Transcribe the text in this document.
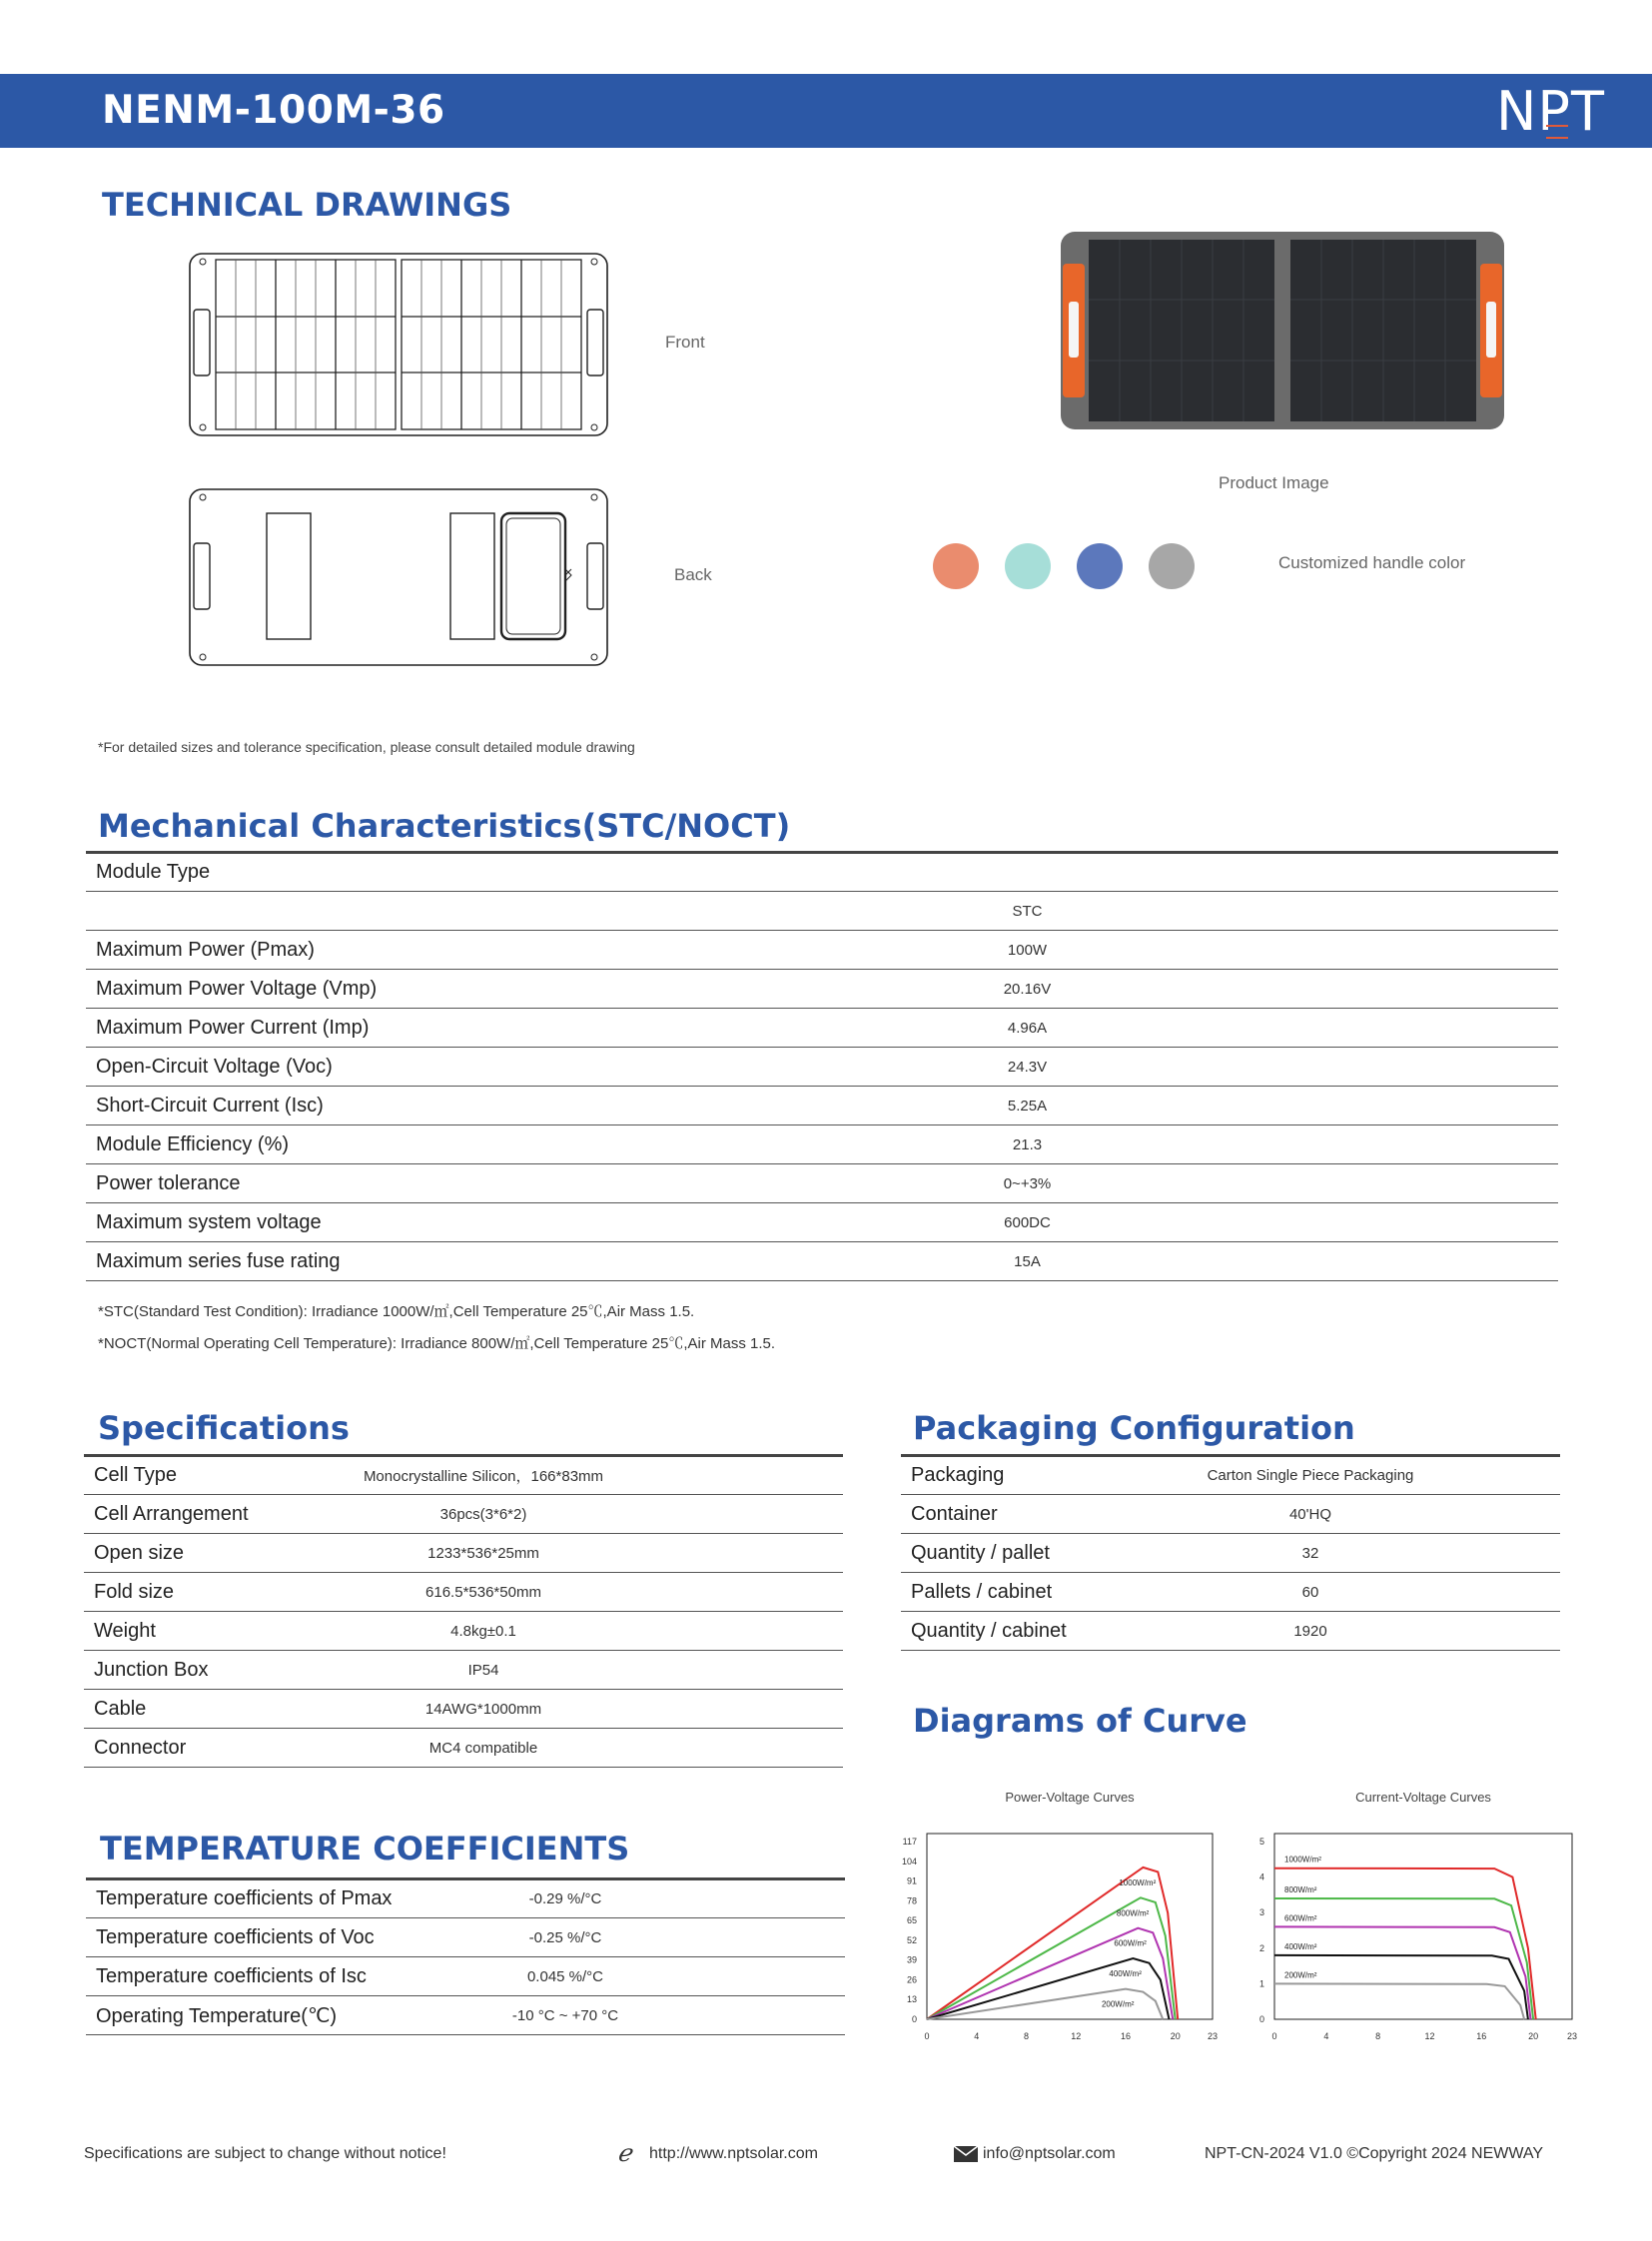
NENM-100M-36	NPT
TECHNICAL DRAWINGS
Front
Back
Product Image
Customized handle color
*For detailed sizes and tolerance specification, please consult detailed module drawing
Mechanical Characteristics(STC/NOCT)
Module Type		
	STC	
Maximum Power (Pmax)	100W	
Maximum Power Voltage (Vmp)	20.16V	
Maximum Power Current (Imp)	4.96A	
Open-Circuit Voltage (Voc)	24.3V	
Short-Circuit Current (Isc)	5.25A	
Module Efficiency (%)	21.3	
Power tolerance	0~+3%	
Maximum system voltage	600DC	
Maximum series fuse rating	15A	
*STC(Standard Test Condition): Irradiance 1000W/㎡,Cell Temperature 25℃,Air Mass 1.5.
*NOCT(Normal Operating Cell Temperature): Irradiance 800W/㎡,Cell Temperature 25℃,Air Mass 1.5.
Specifications
Cell Type	Monocrystalline Silicon，166*83mm	
Cell Arrangement	36pcs(3*6*2)	
Open size	1233*536*25mm	
Fold size	616.5*536*50mm	
Weight	4.8kg±0.1	
Junction Box	IP54	
Cable	14AWG*1000mm	
Connector	MC4 compatible	
Packaging Configuration
Packaging	Carton Single Piece Packaging	
Container	40'HQ	
Quantity / pallet	32	
Pallets / cabinet	60	
Quantity / cabinet	1920	
TEMPERATURE COEFFICIENTS
Temperature coefficients of Pmax	-0.29 %/°C	
Temperature coefficients of Voc	-0.25 %/°C	
Temperature coefficients of Isc	0.045 %/°C	
Operating Temperature(℃)	-10 °C ~ +70 °C	
Diagrams of Curve
Power-Voltage Curves
0
13
26
39
52
65
78
91
104
117
0	4	8	12	16	20	23
1000W/m²
800W/m²
600W/m²
400W/m²
200W/m²
Current-Voltage Curves
0
1
2
3
4
5
0	4	8	12	16	20	23
1000W/m²
800W/m²
600W/m²
400W/m²
200W/m²
Specifications are subject to change without notice!	ℯ http://www.nptsolar.com	info@nptsolar.com	NPT-CN-2024 V1.0 ©Copyright 2024 NEWWAY
